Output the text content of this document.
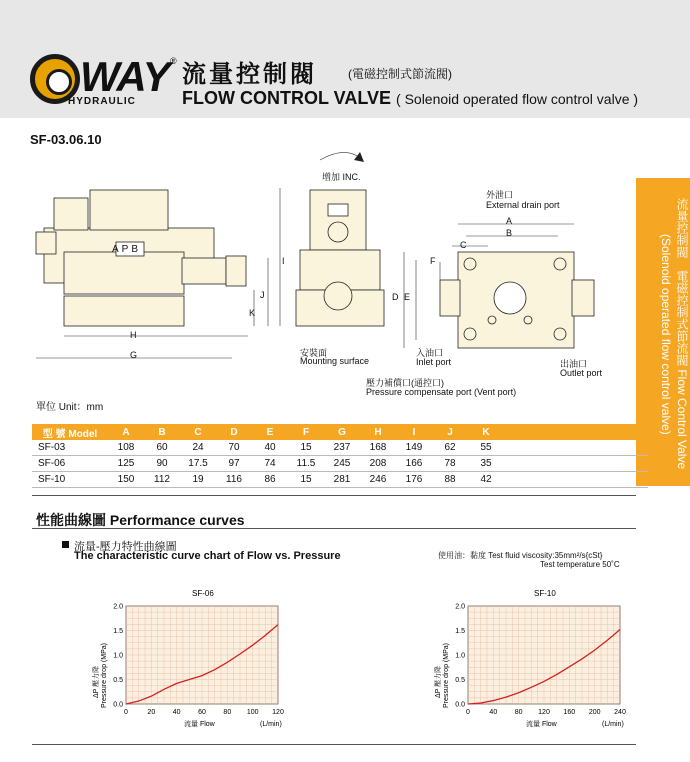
WAY ®
HYDRAULIC
流量控制閥	(電磁控制式節流閥)
FLOW CONTROL VALVE ( Solenoid operated flow control valve )
SF-03.06.10
流量控制閥　電磁控制式節流閥 Flow Control Valve (Solenoid operated flow control valve)
H
G
I
J
K
D E
A
B
C
F
APB
增加 INC.
外泄口
External drain port
安裝面
Mounting surface
入油口
Inlet port	出油口
Outlet port
壓力補償口(通控口)
Pressure compensate port (Vent port)
單位 Unit：mm
型 號 Model	A	B	C	D	E	F	G	H	I	J	K				
SF-03	108	60	24	70	40	15	237	168	149	62	55				
SF-06	125	90	17.5	97	74	11.5	245	208	166	78	35				
SF-10	150	112	19	116	86	15	281	246	176	88	42				
性能曲線圖 Performance curves
流量-壓力特性曲線圖
The characteristic curve chart of Flow vs. Pressure	使用油：黏度 Test fluid viscosity:35mm²/s{cSt}
Test temperature 50˚C
SF-06
0	20	40	60	80 100 120
0.0
0.5
1.0
1.5
2.0
流量 Flow	(L/min)
ΔP 壓力降 Pressure drop (MPa)
SF-10
0	40	80 120 160 200 240
0.0
0.5
1.0
1.5
2.0
流量 Flow	(L/min)
ΔP 壓力降 Pressure drop (MPa)
